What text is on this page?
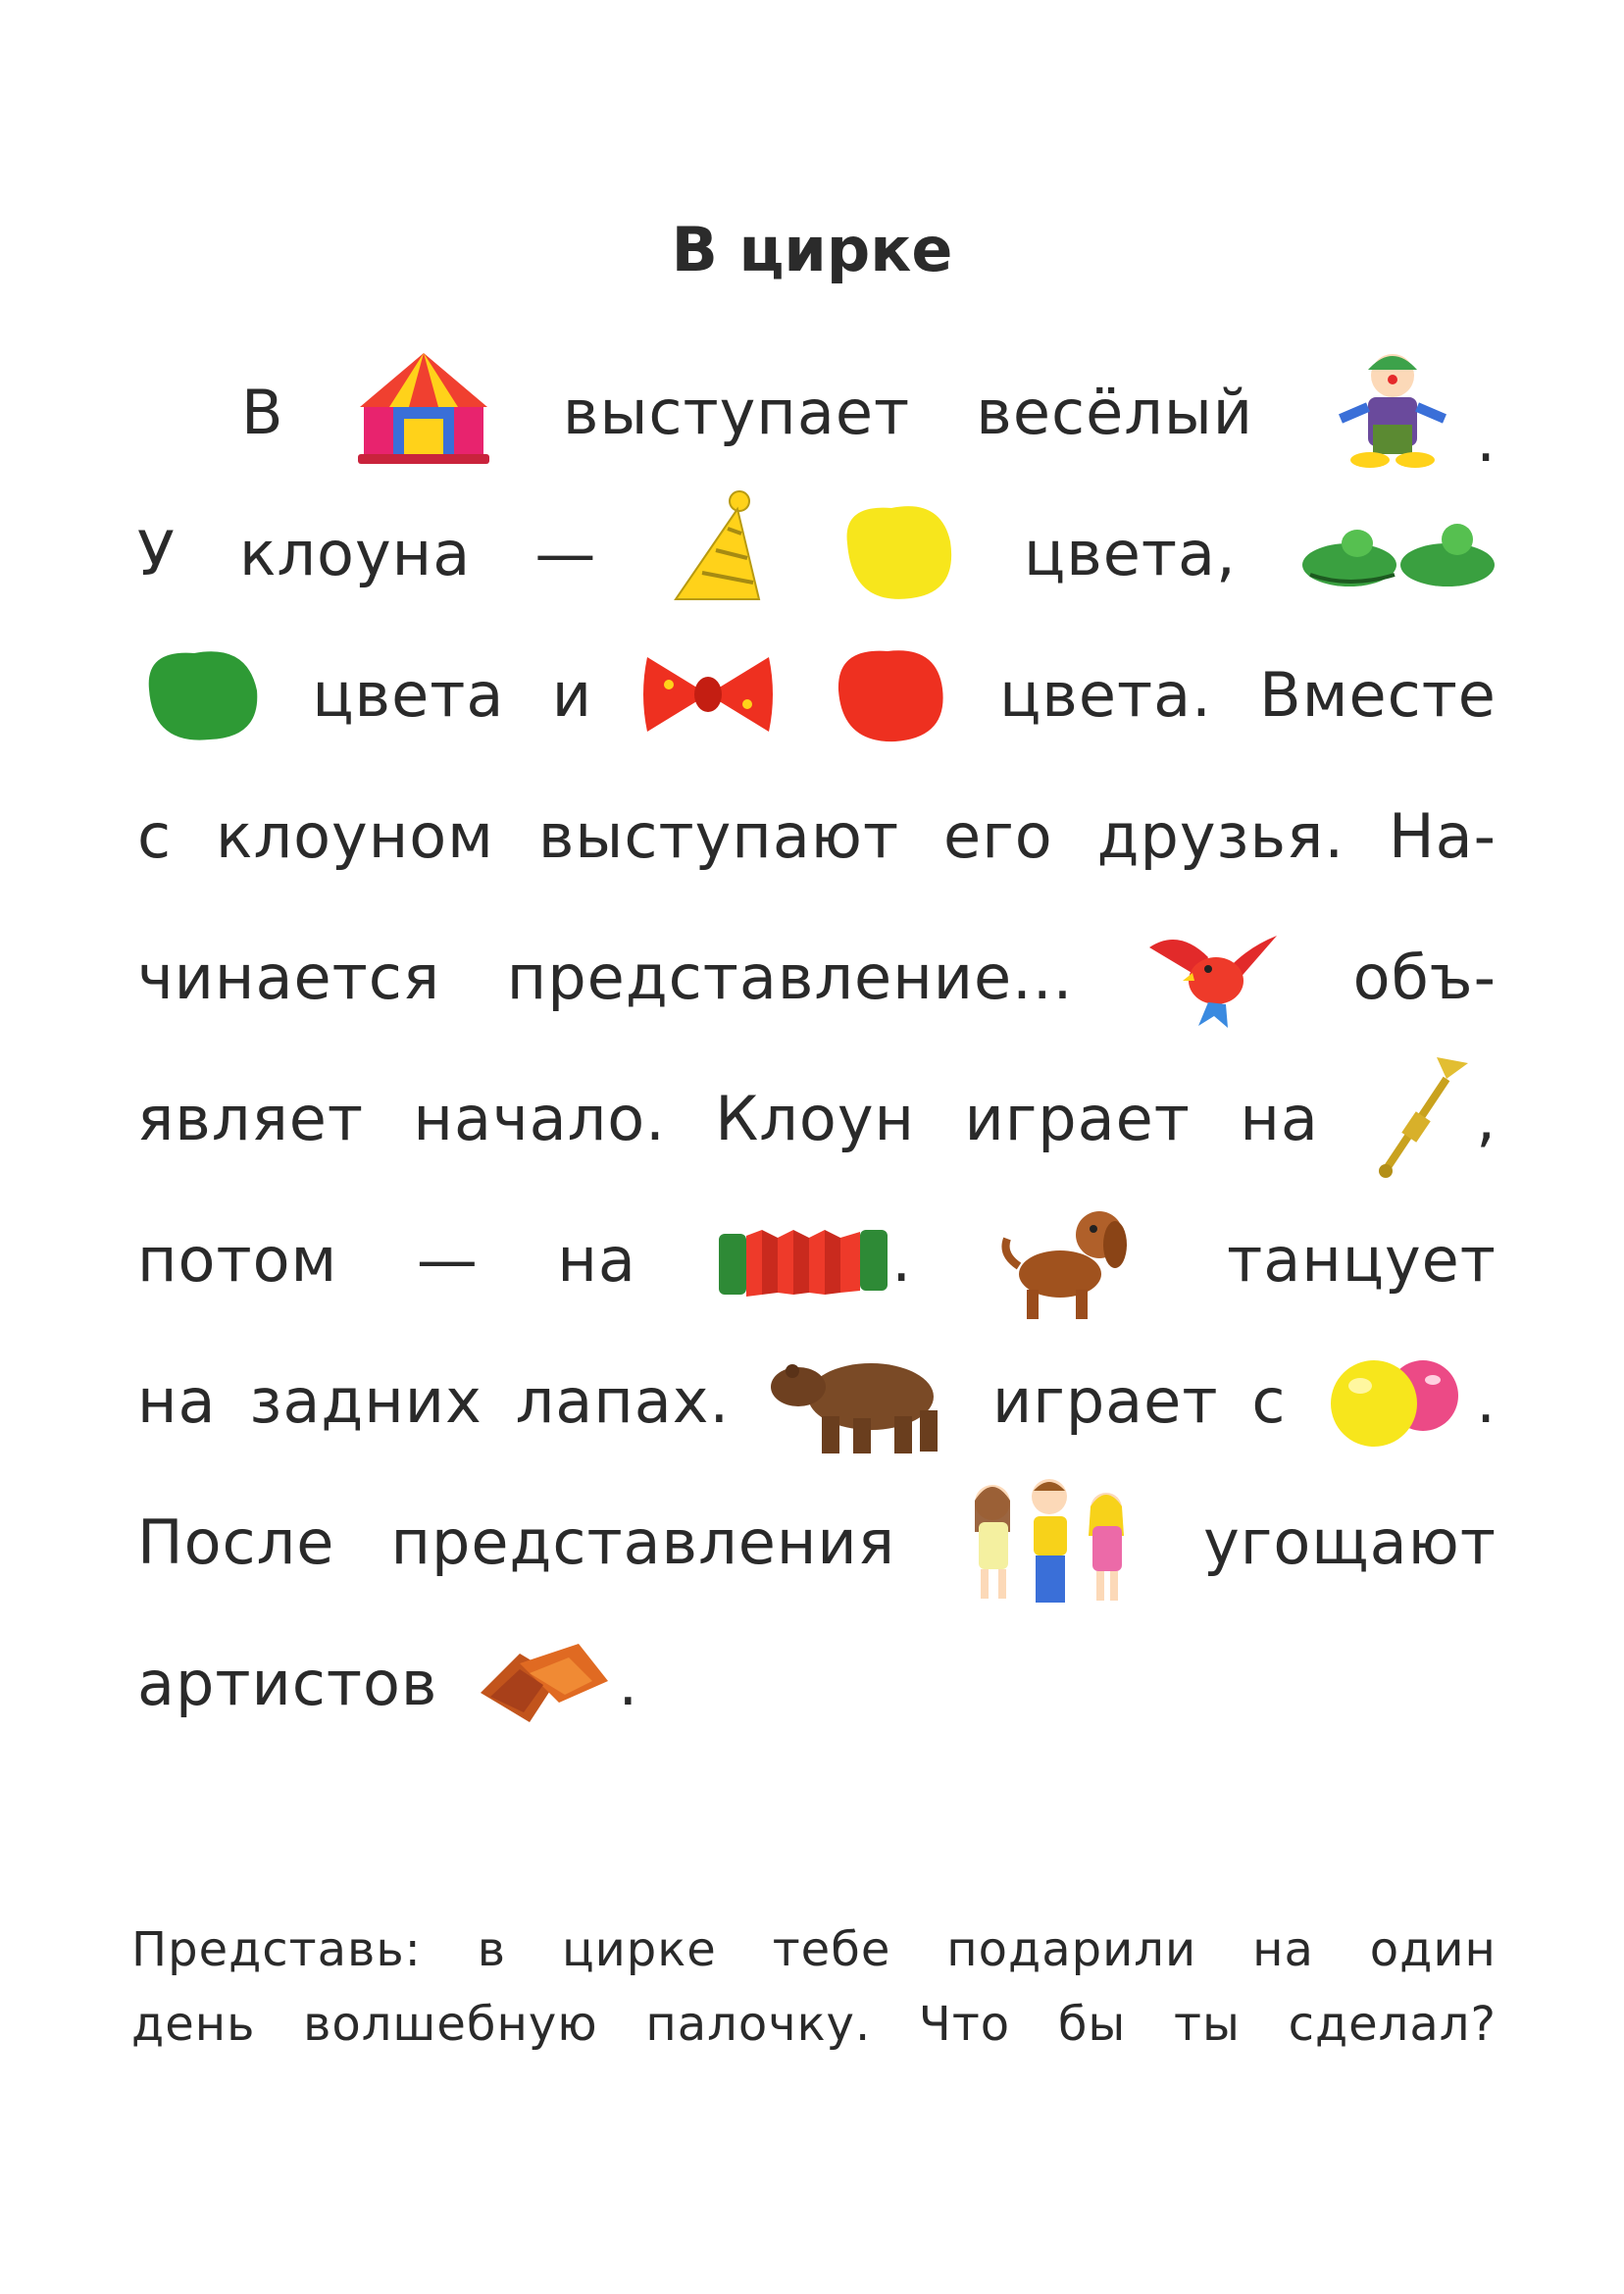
В цирке
В	выступает весёлый	.
У клоуна —	цвета,
цвета и	цвета. Вместе
с клоуном выступают его друзья. На-
чинается представление...	объ-
являет начало. Клоун играет на	,
потом — на	.	танцует
на задних лапах.	играет с	.
После представления	угощают
артистов	.
Представь: в цирке тебе подарили на один
день волшебную палочку. Что бы ты сделал?
